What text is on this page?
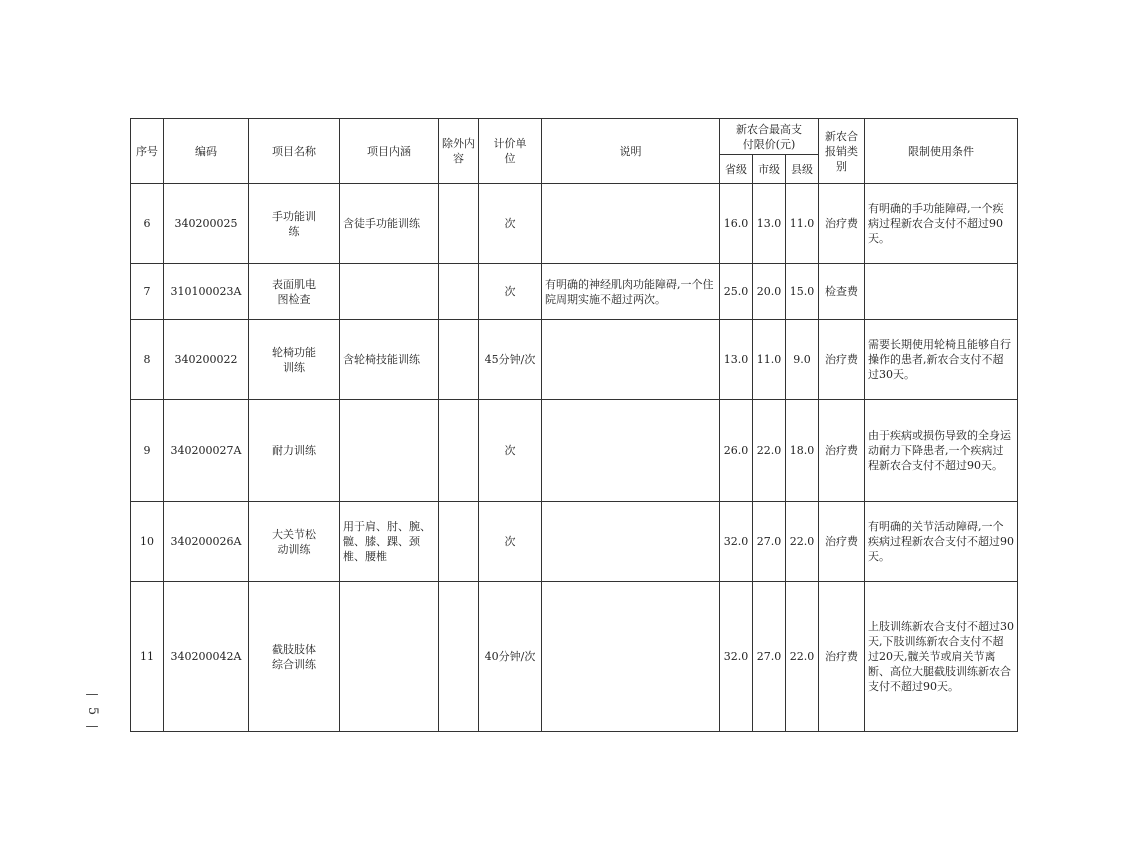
序号	编码	项目名称	项目内涵	除外内容	计价单位	说明	新农合最高支付限价(元)			新农合报销类别	限制使用条件
							省级	市级	县级		
6	340200025	手功能训练	含徒手功能训练		次		16.0	13.0	11.0	治疗费	有明确的手功能障碍,一个疾病过程新农合支付不超过90天。
7	310100023A	表面肌电图检查			次	有明确的神经肌肉功能障碍,一个住院周期实施不超过两次。	25.0	20.0	15.0	检查费	
8	340200022	轮椅功能训练	含轮椅技能训练		45分钟/次		13.0	11.0	9.0	治疗费	需要长期使用轮椅且能够自行操作的患者,新农合支付不超过30天。
9	340200027A	耐力训练			次		26.0	22.0	18.0	治疗费	由于疾病或损伤导致的全身运动耐力下降患者,一个疾病过程新农合支付不超过90天。
10	340200026A	大关节松动训练	用于肩、肘、腕、髋、膝、踝、颈椎、腰椎		次		32.0	27.0	22.0	治疗费	有明确的关节活动障碍,一个疾病过程新农合支付不超过90天。
11	340200042A	截肢肢体综合训练			40分钟/次		32.0	27.0	22.0	治疗费	上肢训练新农合支付不超过30天,下肢训练新农合支付不超过20天,髋关节或肩关节离断、高位大腿截肢训练新农合支付不超过90天。
—
5
—
